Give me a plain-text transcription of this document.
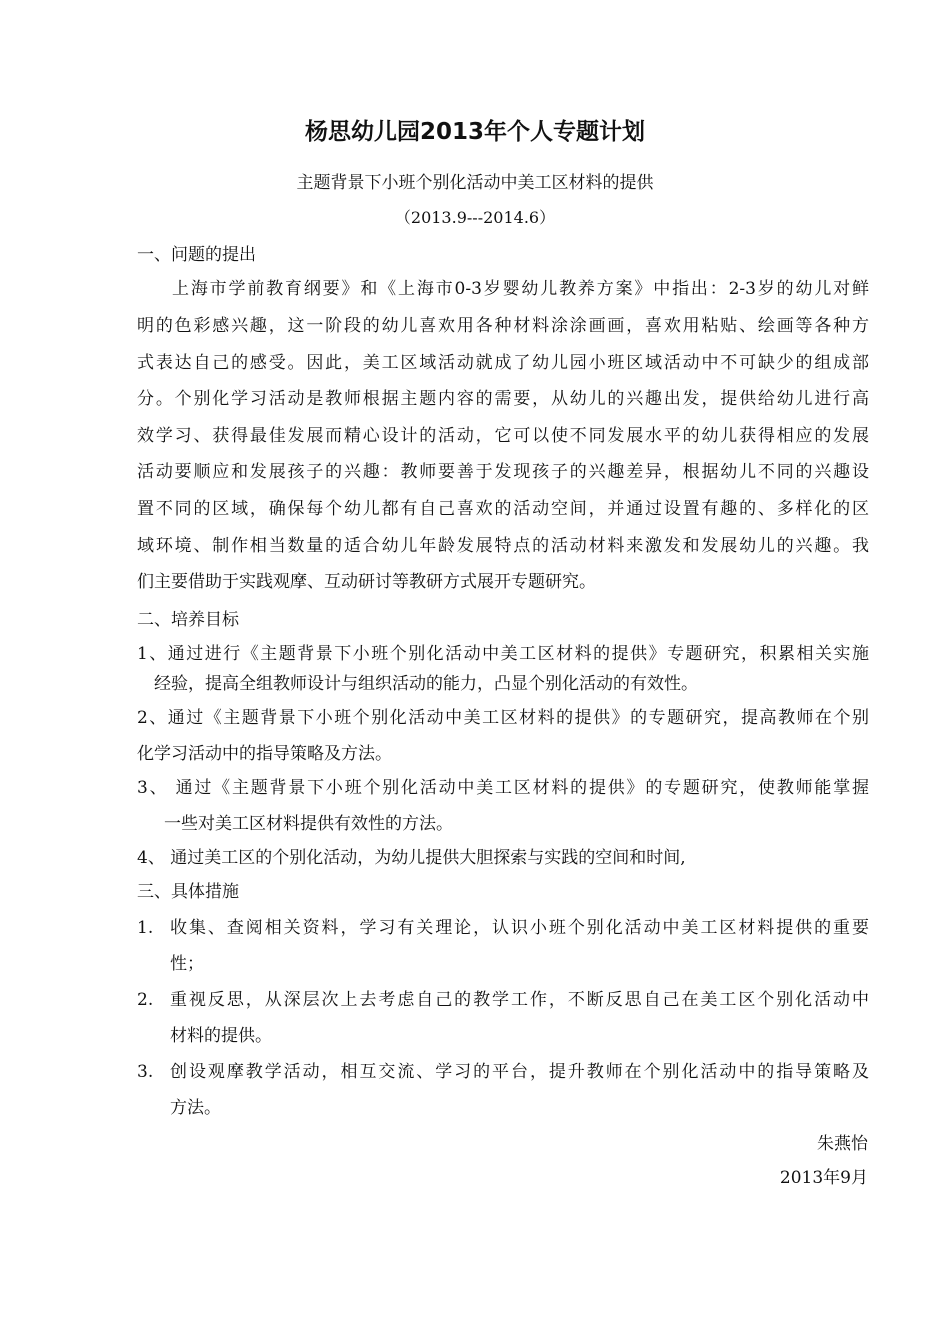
杨思幼儿园2013年个人专题计划
主题背景下小班个别化活动中美工区材料的提供
（2013.9---2014.6）
一、问题的提出
上海市学前教育纲要》和《上海市0-3岁婴幼儿教养方案》中指出：2-3岁的幼儿对鲜
明的色彩感兴趣，这一阶段的幼儿喜欢用各种材料涂涂画画，喜欢用粘贴、绘画等各种方
式表达自己的感受。因此，美工区域活动就成了幼儿园小班区域活动中不可缺少的组成部
分。个别化学习活动是教师根据主题内容的需要，从幼儿的兴趣出发，提供给幼儿进行高
效学习、获得最佳发展而精心设计的活动，它可以使不同发展水平的幼儿获得相应的发展
活动要顺应和发展孩子的兴趣：教师要善于发现孩子的兴趣差异，根据幼儿不同的兴趣设
置不同的区域，确保每个幼儿都有自己喜欢的活动空间，并通过设置有趣的、多样化的区
域环境、制作相当数量的适合幼儿年龄发展特点的活动材料来激发和发展幼儿的兴趣。我
们主要借助于实践观摩、互动研讨等教研方式展开专题研究。
二、培养目标
1、通过进行《主题背景下小班个别化活动中美工区材料的提供》专题研究，积累相关实施
经验，提高全组教师设计与组织活动的能力，凸显个别化活动的有效性。
2、通过《主题背景下小班个别化活动中美工区材料的提供》的专题研究，提高教师在个别
化学习活动中的指导策略及方法。
3、 通过《主题背景下小班个别化活动中美工区材料的提供》的专题研究，使教师能掌握
一些对美工区材料提供有效性的方法。
4、 通过美工区的个别化活动，为幼儿提供大胆探索与实践的空间和时间,
三、具体措施
1. 收集、查阅相关资料，学习有关理论，认识小班个别化活动中美工区材料提供的重要
性；
2. 重视反思，从深层次上去考虑自己的教学工作，不断反思自己在美工区个别化活动中
材料的提供。
3. 创设观摩教学活动，相互交流、学习的平台，提升教师在个别化活动中的指导策略及
方法。
朱燕怡
2013年9月
